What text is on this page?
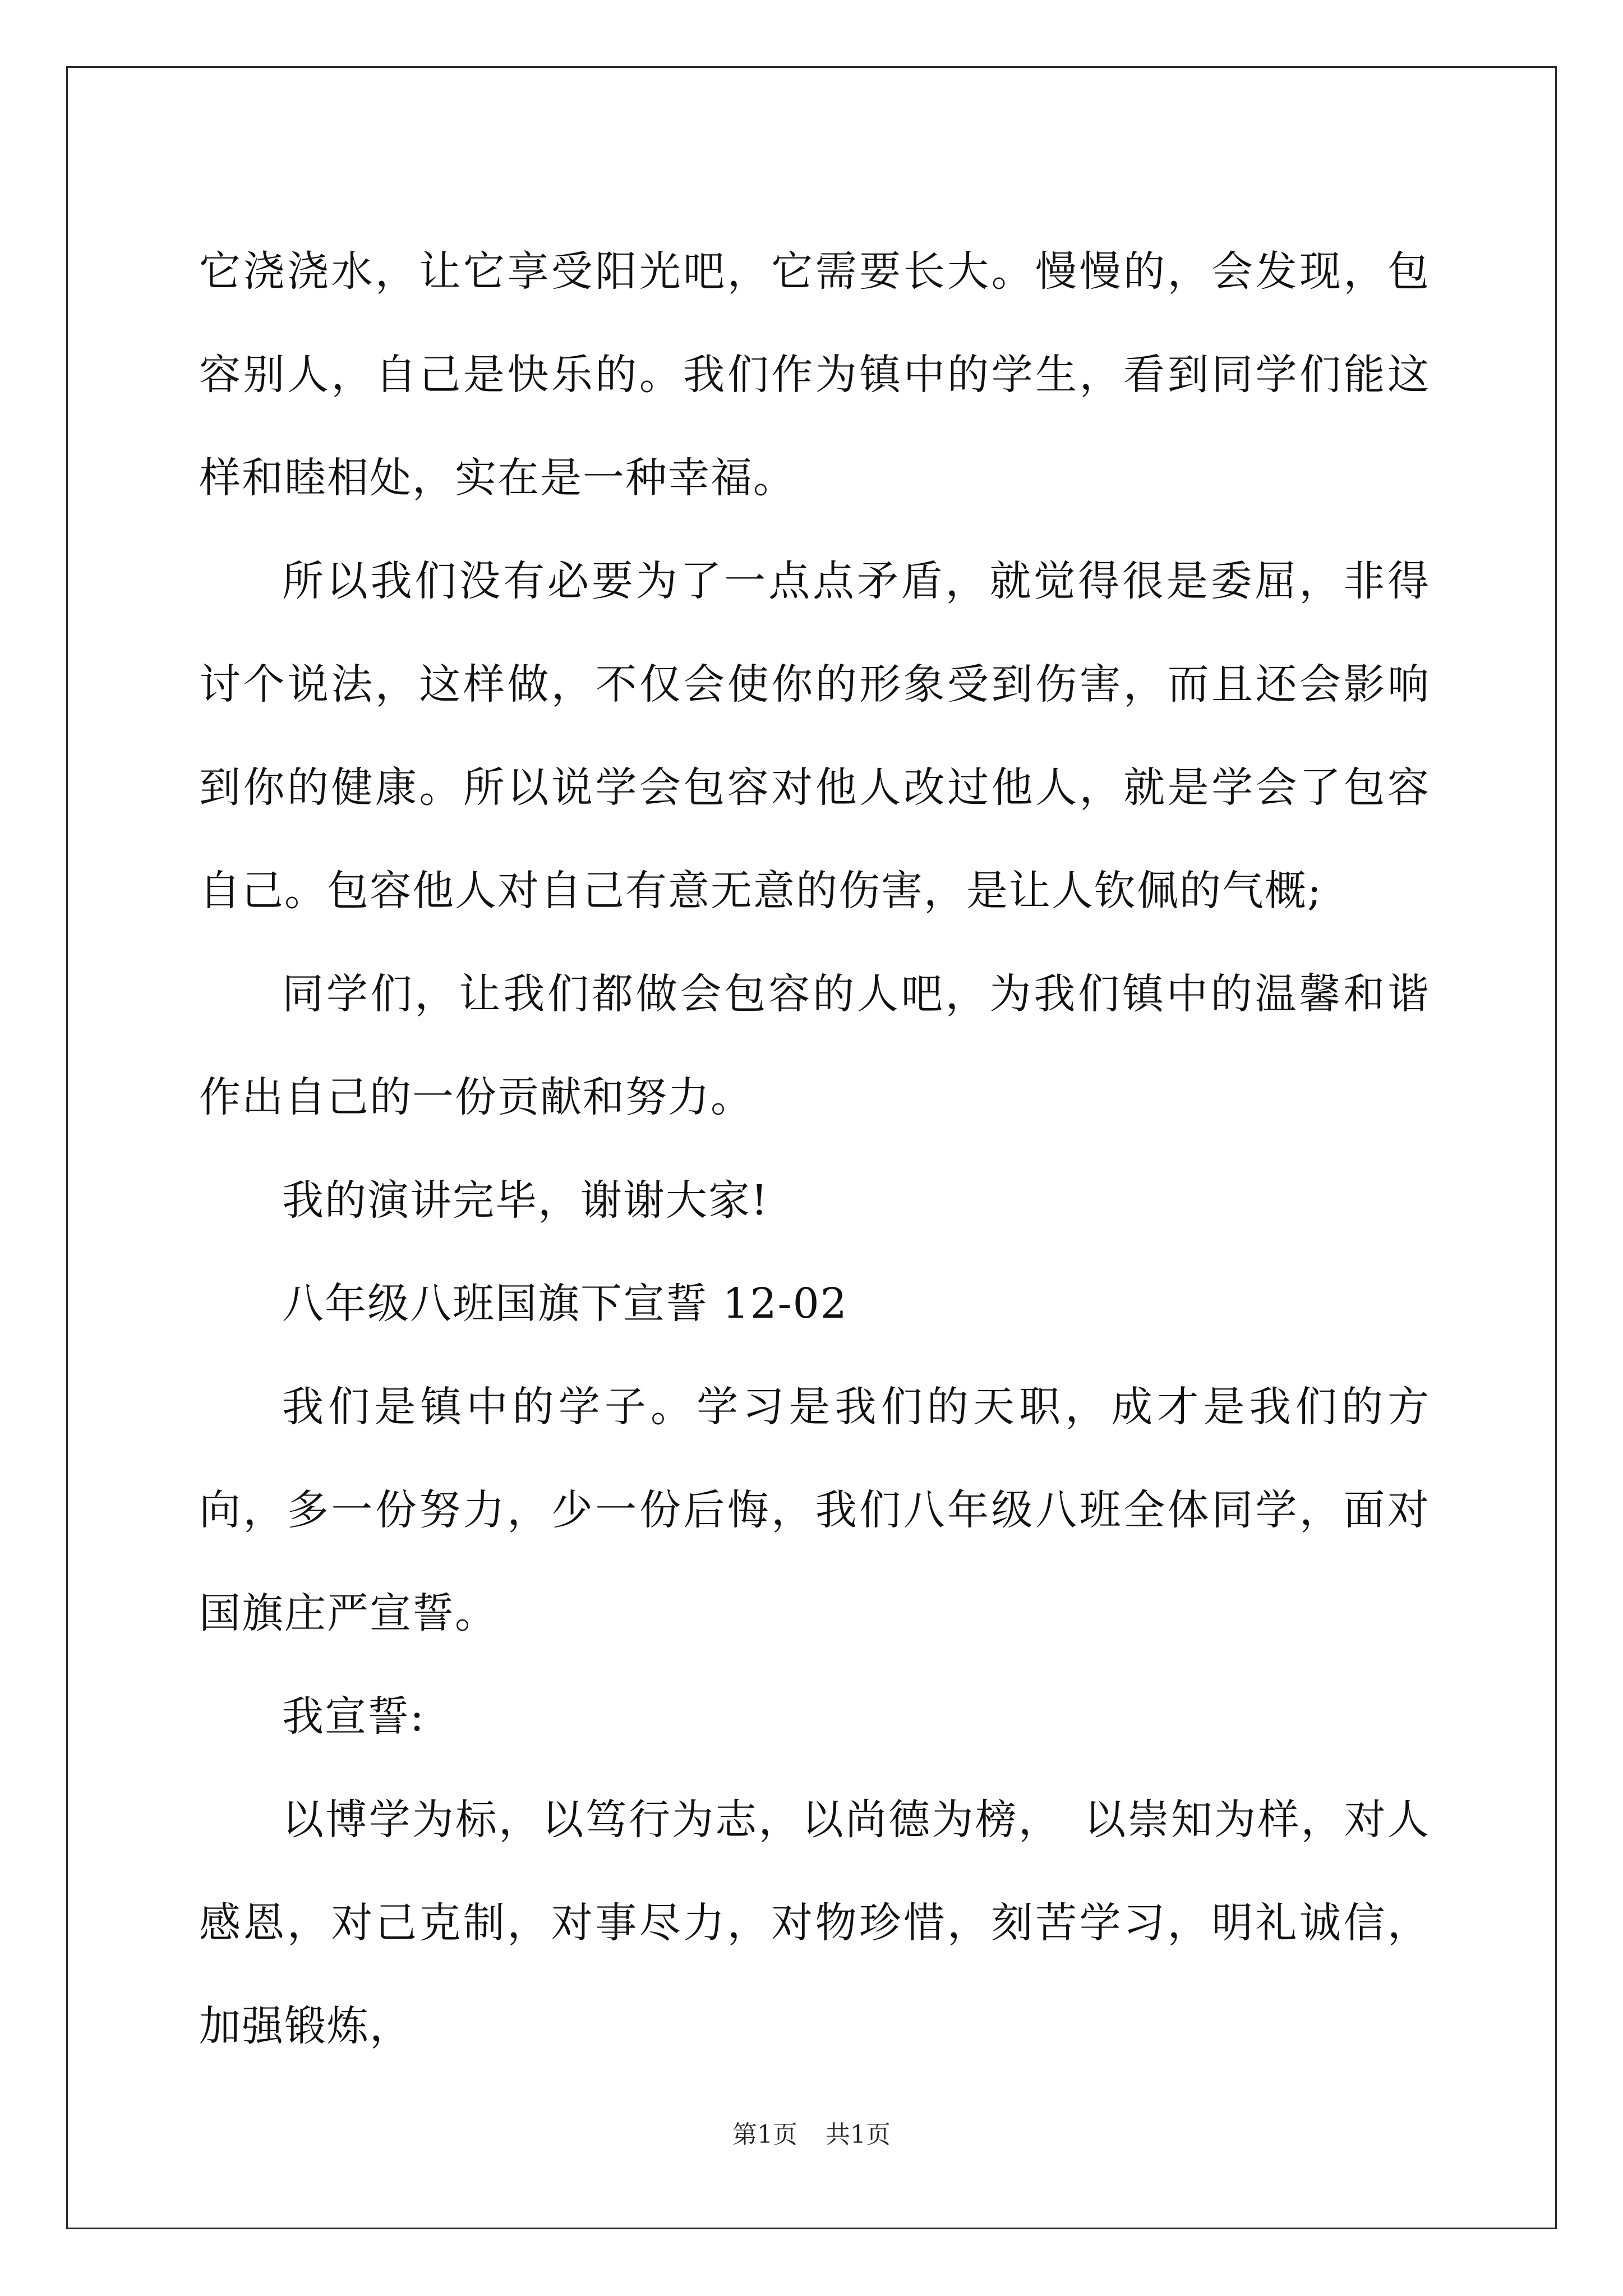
它浇浇水，让它享受阳光吧，它需要长大。慢慢的，会发现，包容别人，自己是快乐的。我们作为镇中的学生，看到同学们能这样和睦相处，实在是一种幸福。

所以我们没有必要为了一点点矛盾，就觉得很是委屈，非得讨个说法，这样做，不仅会使你的形象受到伤害，而且还会影响到你的健康。所以说学会包容对他人改过他人，就是学会了包容自己。包容他人对自己有意无意的伤害，是让人钦佩的气概;

同学们，让我们都做会包容的人吧，为我们镇中的温馨和谐作出自己的一份贡献和努力。

我的演讲完毕，谢谢大家!

八年级八班国旗下宣誓 12-02

我们是镇中的学子。学习是我们的天职，成才是我们的方向，多一份努力，少一份后悔，我们八年级八班全体同学，面对国旗庄严宣誓。

我宣誓:

以博学为标，以笃行为志，以尚德为榜，　以崇知为样，对人感恩，对己克制，对事尽力，对物珍惜，刻苦学习，明礼诚信，加强锻炼，

第1页 共1页
